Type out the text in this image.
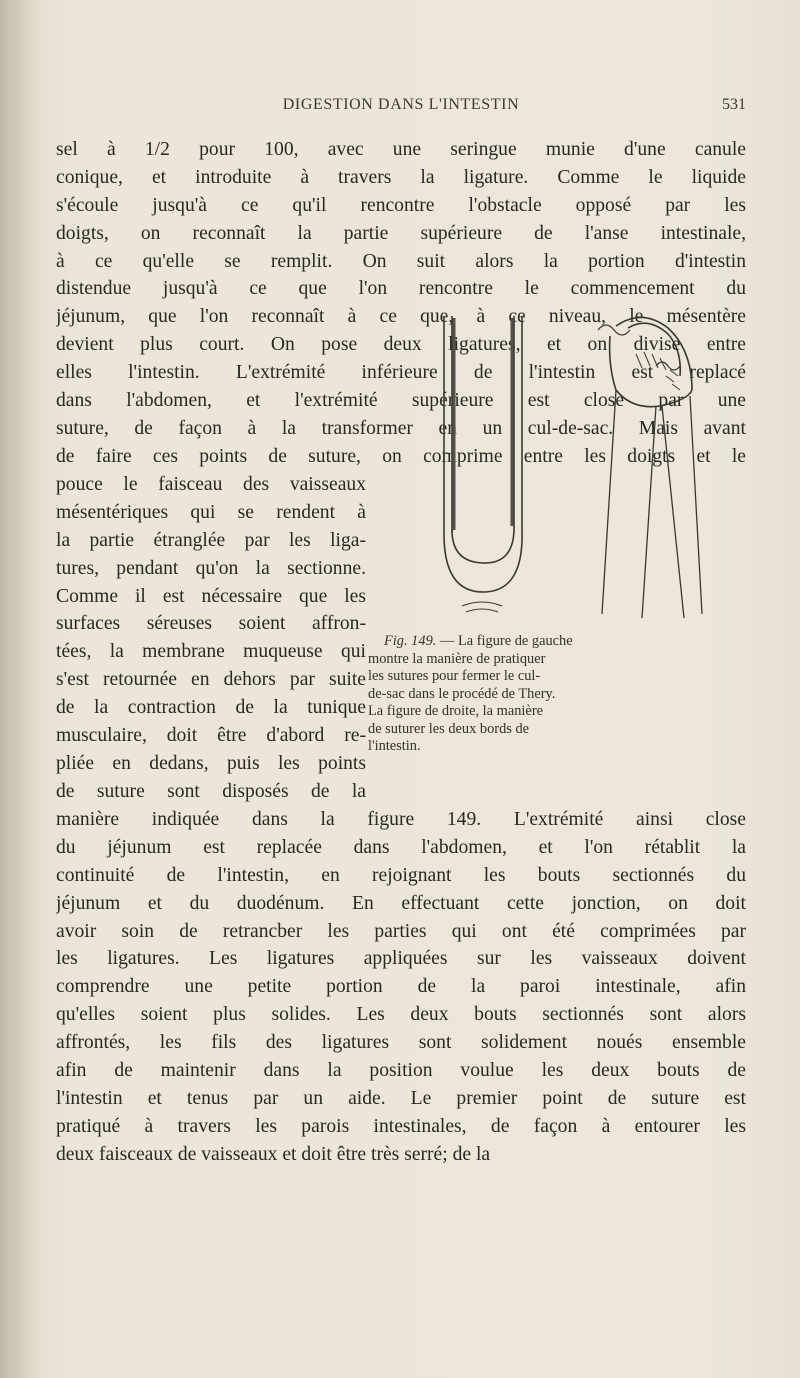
DIGESTION DANS L'INTESTIN	531
sel à 1/2 pour 100, avec une seringue munie d'une canule
conique, et introduite à travers la ligature. Comme le liquide
s'écoule jusqu'à ce qu'il rencontre l'obstacle opposé par les
doigts, on reconnaît la partie supérieure de l'anse intestinale,
à ce qu'elle se remplit. On suit alors la portion d'intestin
distendue jusqu'à ce que l'on rencontre le commencement du
jéjunum, que l'on reconnaît à ce que, à ce niveau, le mésentère
devient plus court. On pose deux ligatures, et on divise entre
elles l'intestin. L'extrémité inférieure de l'intestin est replacé
dans l'abdomen, et l'extrémité supérieure est close par une
suture, de façon à la transformer en un cul-de-sac. Mais avant
de faire ces points de suture, on comprime entre les doigts et le
pouce le faisceau des vaisseaux
mésentériques qui se rendent à
la partie étranglée par les liga-
tures, pendant qu'on la sectionne.
Comme il est nécessaire que les
surfaces séreuses soient affron-
tées, la membrane muqueuse qui
s'est retournée en dehors par suite
de la contraction de la tunique
musculaire, doit être d'abord re-
pliée en dedans, puis les points
de suture sont disposés de la
Fig. 149. — La figure de gauche
montre la manière de pratiquer
les sutures pour fermer le cul-
de-sac dans le procédé de Thery.
La figure de droite, la manière
de suturer les deux bords de
l'intestin.
manière indiquée dans la figure 149. L'extrémité ainsi close
du jéjunum est replacée dans l'abdomen, et l'on rétablit la
continuité de l'intestin, en rejoignant les bouts sectionnés du
jéjunum et du duodénum. En effectuant cette jonction, on doit
avoir soin de retrancber les parties qui ont été comprimées par
les ligatures. Les ligatures appliquées sur les vaisseaux doivent
comprendre une petite portion de la paroi intestinale, afin
qu'elles soient plus solides. Les deux bouts sectionnés sont alors
affrontés, les fils des ligatures sont solidement noués ensemble
afin de maintenir dans la position voulue les deux bouts de
l'intestin et tenus par un aide. Le premier point de suture est
pratiqué à travers les parois intestinales, de façon à entourer les
deux faisceaux de vaisseaux et doit être très serré; de la
